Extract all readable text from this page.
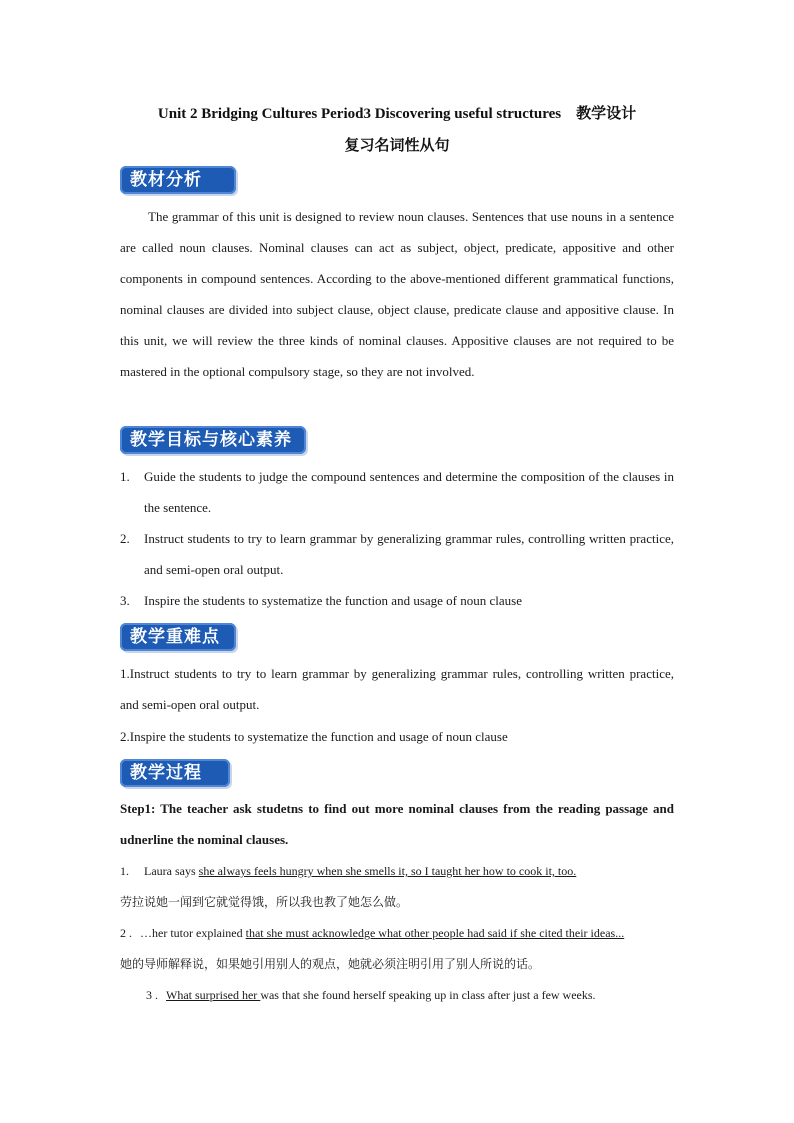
Unit 2 Bridging Cultures Period3 Discovering useful structures    教学设计
复习名词性从句
教材分析
The grammar of this unit is designed to review noun clauses. Sentences that use nouns in a sentence are called noun clauses. Nominal clauses can act as subject, object, predicate, appositive and other components in compound sentences. According to the above-mentioned different grammatical functions, nominal clauses are divided into subject clause, object clause, predicate clause and appositive clause. In this unit, we will review the three kinds of nominal clauses. Appositive clauses are not required to be mastered in the optional compulsory stage, so they are not involved.
教学目标与核心素养
1. Guide the students to judge the compound sentences and determine the composition of the clauses in the sentence.
2. Instruct students to try to learn grammar by generalizing grammar rules, controlling written practice, and semi-open oral output.
3. Inspire the students to systematize the function and usage of noun clause
教学重难点
1.Instruct students to try to learn grammar by generalizing grammar rules, controlling written practice, and semi-open oral output.
2.Inspire the students to systematize the function and usage of noun clause
教学过程
Step1: The teacher ask studetns to find out more nominal clauses from the reading passage and udnerline the nominal clauses.
1. Laura says she always feels hungry when she smells it, so I taught her how to cook it, too.
劳拉说她一闻到它就觉得饿，所以我也教了她怎么做。
2 . …her tutor explained that she must acknowledge what other people had said if she cited their ideas...
她的导师解释说，如果她引用别人的观点，她就必须注明引用了别人所说的话。
3 . What surprised her was that she found herself speaking up in class after just a few weeks.
